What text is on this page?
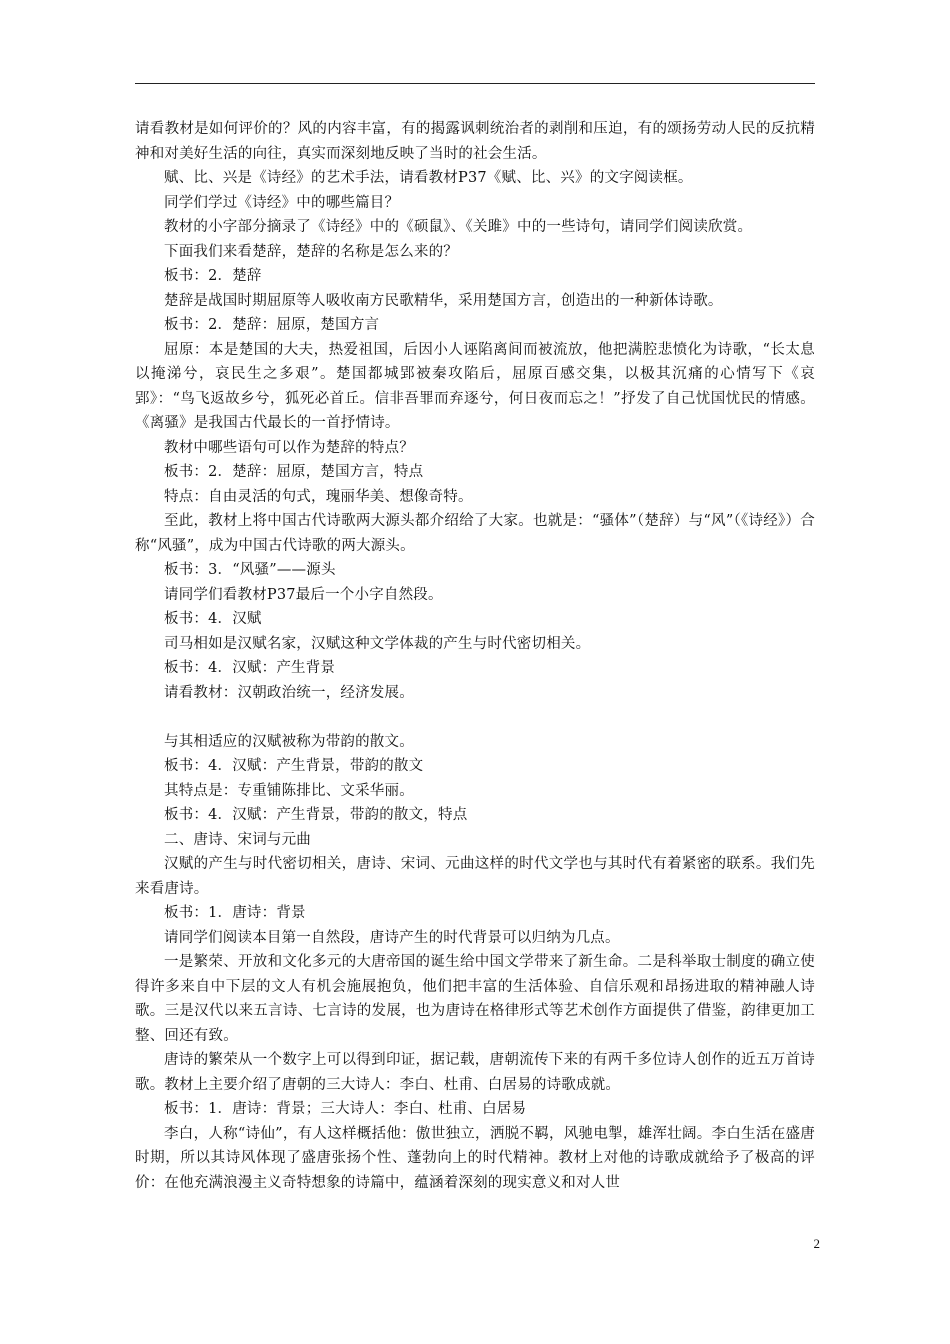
请看教材是如何评价的？风的内容丰富，有的揭露讽刺统治者的剥削和压迫，有的颂扬劳动人民的反抗精神和对美好生活的向往，真实而深刻地反映了当时的社会生活。

赋、比、兴是《诗经》的艺术手法，请看教材P37《赋、比、兴》的文字阅读框。

同学们学过《诗经》中的哪些篇目？

教材的小字部分摘录了《诗经》中的《硕鼠》、《关雎》中的一些诗句，请同学们阅读欣赏。

下面我们来看楚辞，楚辞的名称是怎么来的？

板书：2．楚辞

楚辞是战国时期屈原等人吸收南方民歌精华，采用楚国方言，创造出的一种新体诗歌。

板书：2．楚辞：屈原，楚国方言

屈原：本是楚国的大夫，热爱祖国，后因小人诬陷离间而被流放，他把满腔悲愤化为诗歌，“长太息以掩涕兮，哀民生之多艰”。楚国都城郢被秦攻陷后，屈原百感交集，以极其沉痛的心情写下《哀郢》：“鸟飞返故乡兮，狐死必首丘。信非吾罪而弃逐兮，何日夜而忘之！”抒发了自己忧国忧民的情感。《离骚》是我国古代最长的一首抒情诗。

教材中哪些语句可以作为楚辞的特点？

板书：2．楚辞：屈原，楚国方言，特点

特点：自由灵活的句式，瑰丽华美、想像奇特。

至此，教材上将中国古代诗歌两大源头都介绍给了大家。也就是：“骚体”（楚辞）与“风”（《诗经》）合称“风骚”，成为中国古代诗歌的两大源头。

板书：3．“风骚”——源头

请同学们看教材P37最后一个小字自然段。

板书：4．汉赋

司马相如是汉赋名家，汉赋这种文学体裁的产生与时代密切相关。

板书：4．汉赋：产生背景

请看教材：汉朝政治统一，经济发展。

与其相适应的汉赋被称为带韵的散文。

板书：4．汉赋：产生背景，带韵的散文

其特点是：专重铺陈排比、文采华丽。

板书：4．汉赋：产生背景，带韵的散文，特点

二、唐诗、宋词与元曲

汉赋的产生与时代密切相关，唐诗、宋词、元曲这样的时代文学也与其时代有着紧密的联系。我们先来看唐诗。

板书：1．唐诗：背景

请同学们阅读本目第一自然段，唐诗产生的时代背景可以归纳为几点。

一是繁荣、开放和文化多元的大唐帝国的诞生给中国文学带来了新生命。二是科举取士制度的确立使得许多来自中下层的文人有机会施展抱负，他们把丰富的生活体验、自信乐观和昂扬进取的精神融人诗歌。三是汉代以来五言诗、七言诗的发展，也为唐诗在格律形式等艺术创作方面提供了借鉴，韵律更加工整、回还有致。

唐诗的繁荣从一个数字上可以得到印证，据记载，唐朝流传下来的有两千多位诗人创作的近五万首诗歌。教材上主要介绍了唐朝的三大诗人：李白、杜甫、白居易的诗歌成就。

板书：1．唐诗：背景；三大诗人：李白、杜甫、白居易

李白，人称“诗仙”，有人这样概括他：傲世独立，洒脱不羁，风驰电掣，雄浑壮阔。李白生活在盛唐时期，所以其诗风体现了盛唐张扬个性、蓬勃向上的时代精神。教材上对他的诗歌成就给予了极高的评价：在他充满浪漫主义奇特想象的诗篇中，蕴涵着深刻的现实意义和对人世

2
